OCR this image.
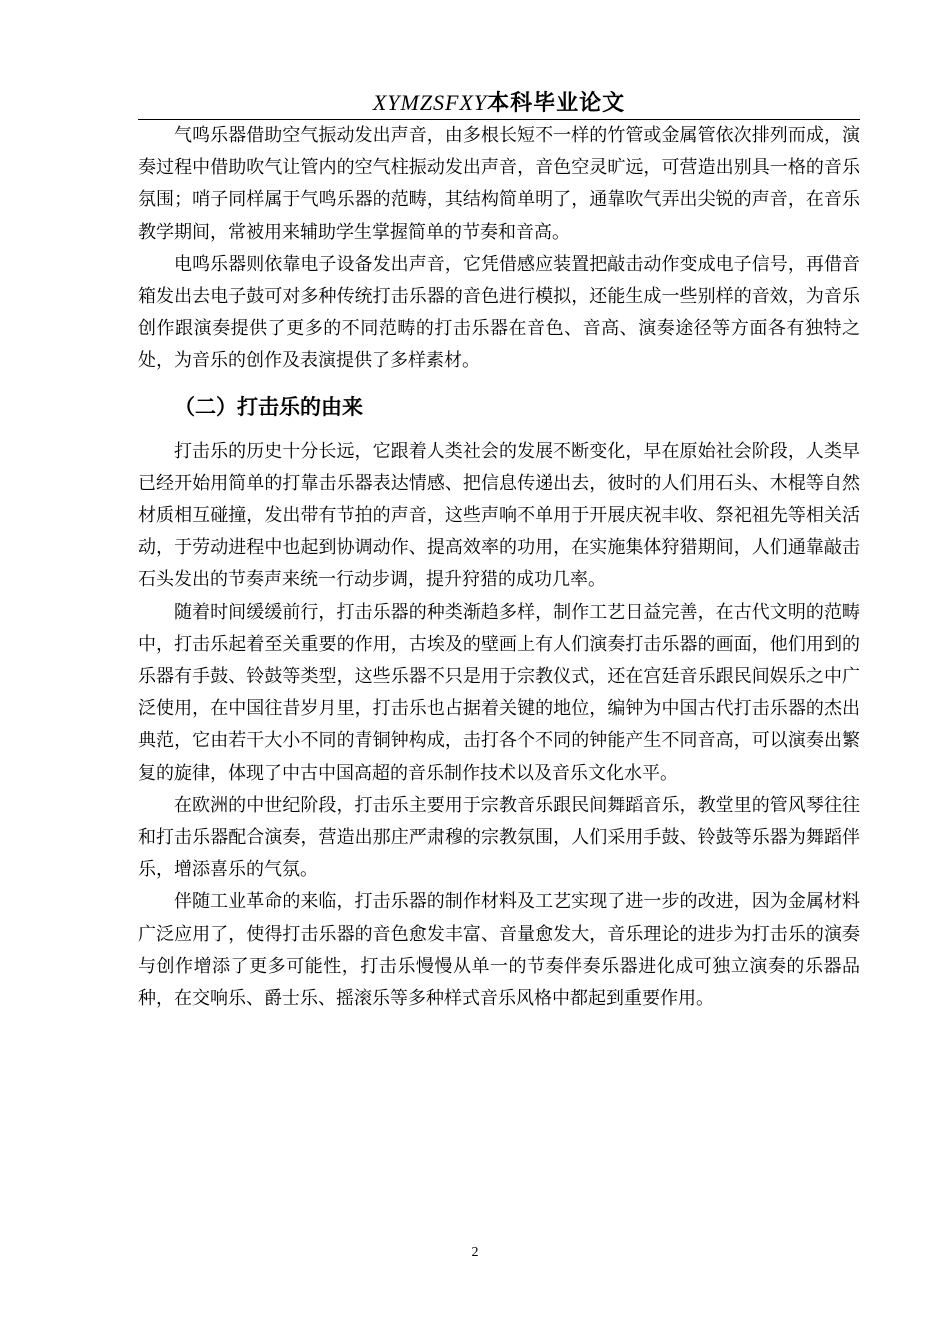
XYMZSFXY本科毕业论文

气鸣乐器借助空气振动发出声音，由多根长短不一样的竹管或金属管依次排列而成，演奏过程中借助吹气让管内的空气柱振动发出声音，音色空灵旷远，可营造出别具一格的音乐氛围；哨子同样属于气鸣乐器的范畴，其结构简单明了，通靠吹气弄出尖锐的声音，在音乐教学期间，常被用来辅助学生掌握简单的节奏和音高。

电鸣乐器则依靠电子设备发出声音，它凭借感应装置把敲击动作变成电子信号，再借音箱发出去电子鼓可对多种传统打击乐器的音色进行模拟，还能生成一些别样的音效，为音乐创作跟演奏提供了更多的不同范畴的打击乐器在音色、音高、演奏途径等方面各有独特之处，为音乐的创作及表演提供了多样素材。

（二）打击乐的由来

打击乐的历史十分长远，它跟着人类社会的发展不断变化，早在原始社会阶段，人类早已经开始用简单的打靠击乐器表达情感、把信息传递出去，彼时的人们用石头、木棍等自然材质相互碰撞，发出带有节拍的声音，这些声响不单用于开展庆祝丰收、祭祀祖先等相关活动，于劳动进程中也起到协调动作、提高效率的功用，在实施集体狩猎期间，人们通靠敲击石头发出的节奏声来统一行动步调，提升狩猎的成功几率。

随着时间缓缓前行，打击乐器的种类渐趋多样，制作工艺日益完善，在古代文明的范畴中，打击乐起着至关重要的作用，古埃及的壁画上有人们演奏打击乐器的画面，他们用到的乐器有手鼓、铃鼓等类型，这些乐器不只是用于宗教仪式，还在宫廷音乐跟民间娱乐之中广泛使用，在中国往昔岁月里，打击乐也占据着关键的地位，编钟为中国古代打击乐器的杰出典范，它由若干大小不同的青铜钟构成，击打各个不同的钟能产生不同音高，可以演奏出繁复的旋律，体现了中古中国高超的音乐制作技术以及音乐文化水平。

在欧洲的中世纪阶段，打击乐主要用于宗教音乐跟民间舞蹈音乐，教堂里的管风琴往往和打击乐器配合演奏，营造出那庄严肃穆的宗教氛围，人们采用手鼓、铃鼓等乐器为舞蹈伴乐，增添喜乐的气氛。

伴随工业革命的来临，打击乐器的制作材料及工艺实现了进一步的改进，因为金属材料广泛应用了，使得打击乐器的音色愈发丰富、音量愈发大，音乐理论的进步为打击乐的演奏与创作增添了更多可能性，打击乐慢慢从单一的节奏伴奏乐器进化成可独立演奏的乐器品种，在交响乐、爵士乐、摇滚乐等多种样式音乐风格中都起到重要作用。

2
